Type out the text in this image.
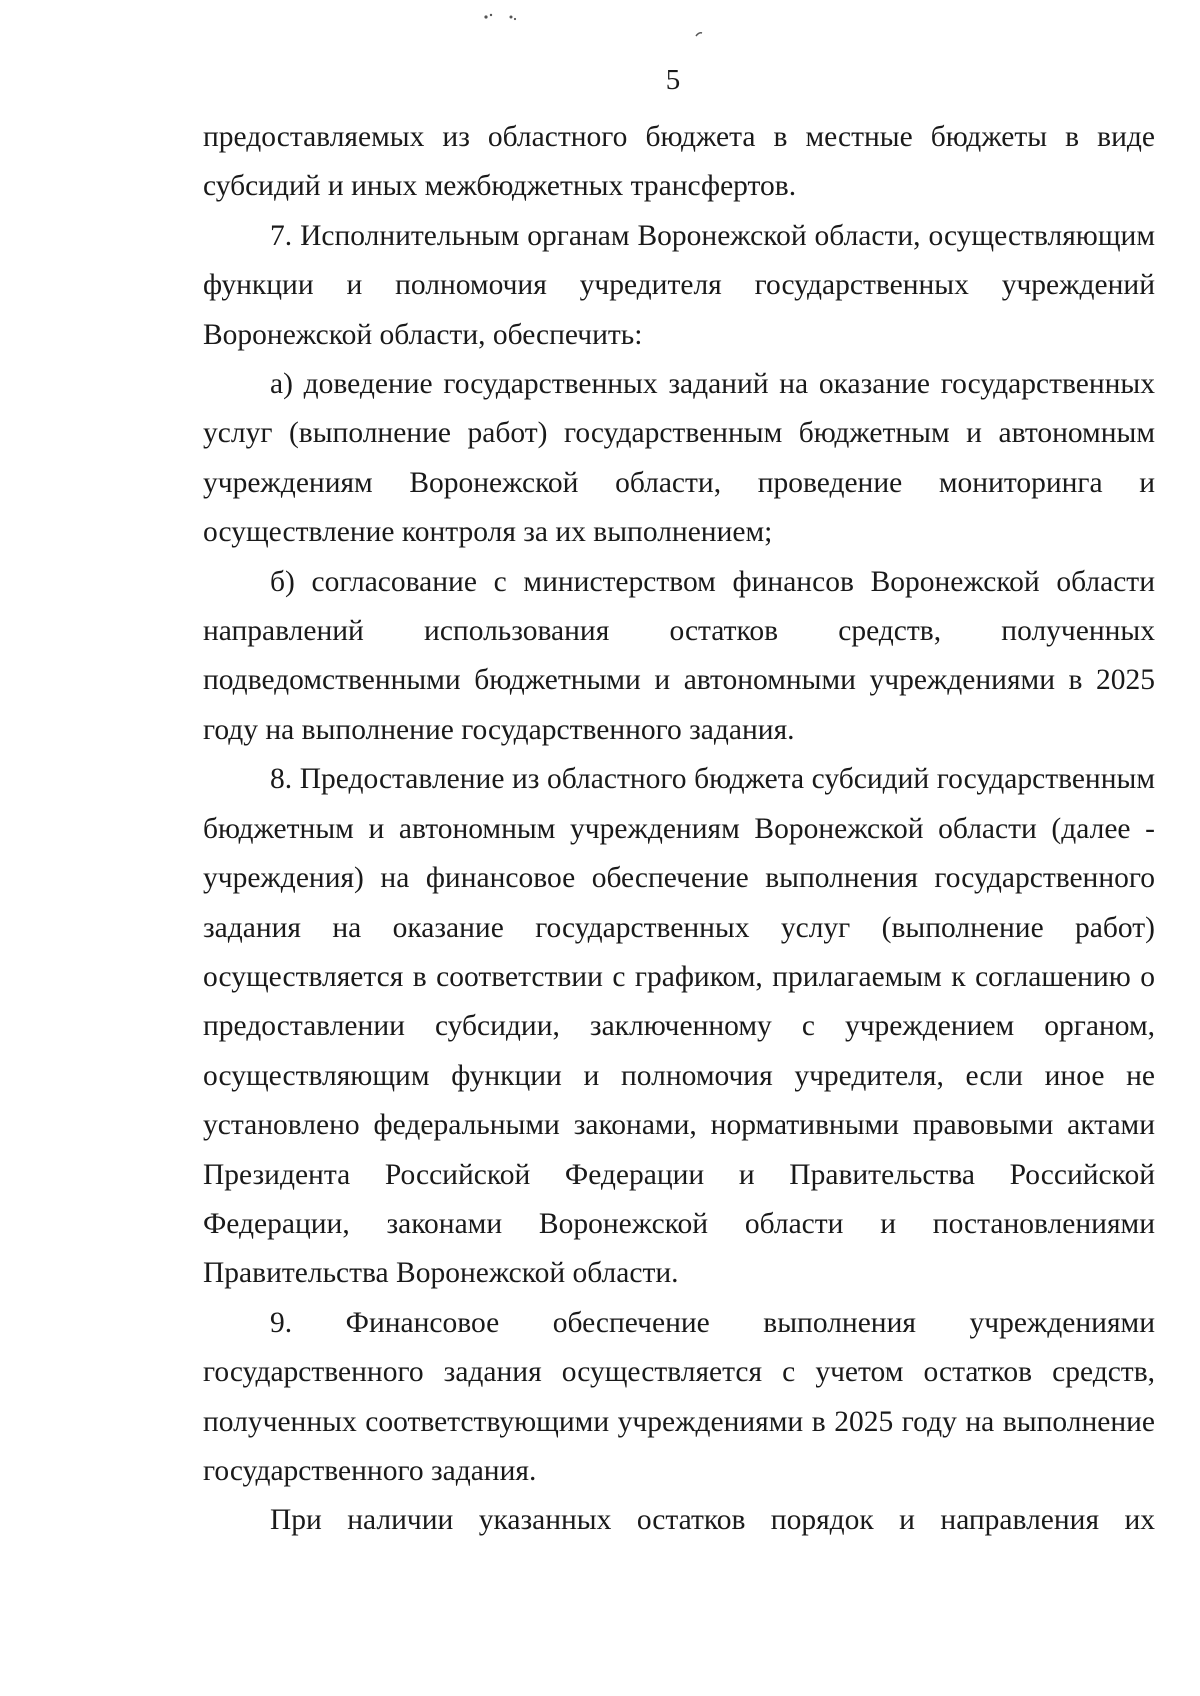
5

предоставляемых из областного бюджета в местные бюджеты в виде субсидий и иных межбюджетных трансфертов.

7. Исполнительным органам Воронежской области, осуществляющим функции и полномочия учредителя государственных учреждений Воронежской области, обеспечить:

а) доведение государственных заданий на оказание государственных услуг (выполнение работ) государственным бюджетным и автономным учреждениям Воронежской области, проведение мониторинга и осуществление контроля за их выполнением;

б) согласование с министерством финансов Воронежской области направлений использования остатков средств, полученных подведомственными бюджетными и автономными учреждениями в 2025 году на выполнение государственного задания.

8. Предоставление из областного бюджета субсидий государственным бюджетным и автономным учреждениям Воронежской области (далее - учреждения) на финансовое обеспечение выполнения государственного задания на оказание государственных услуг (выполнение работ) осуществляется в соответствии с графиком, прилагаемым к соглашению о предоставлении субсидии, заключенному с учреждением органом, осуществляющим функции и полномочия учредителя, если иное не установлено федеральными законами, нормативными правовыми актами Президента Российской Федерации и Правительства Российской Федерации, законами Воронежской области и постановлениями Правительства Воронежской области.

9. Финансовое обеспечение выполнения учреждениями государственного задания осуществляется с учетом остатков средств, полученных соответствующими учреждениями в 2025 году на выполнение государственного задания.

При наличии указанных остатков порядок и направления их
